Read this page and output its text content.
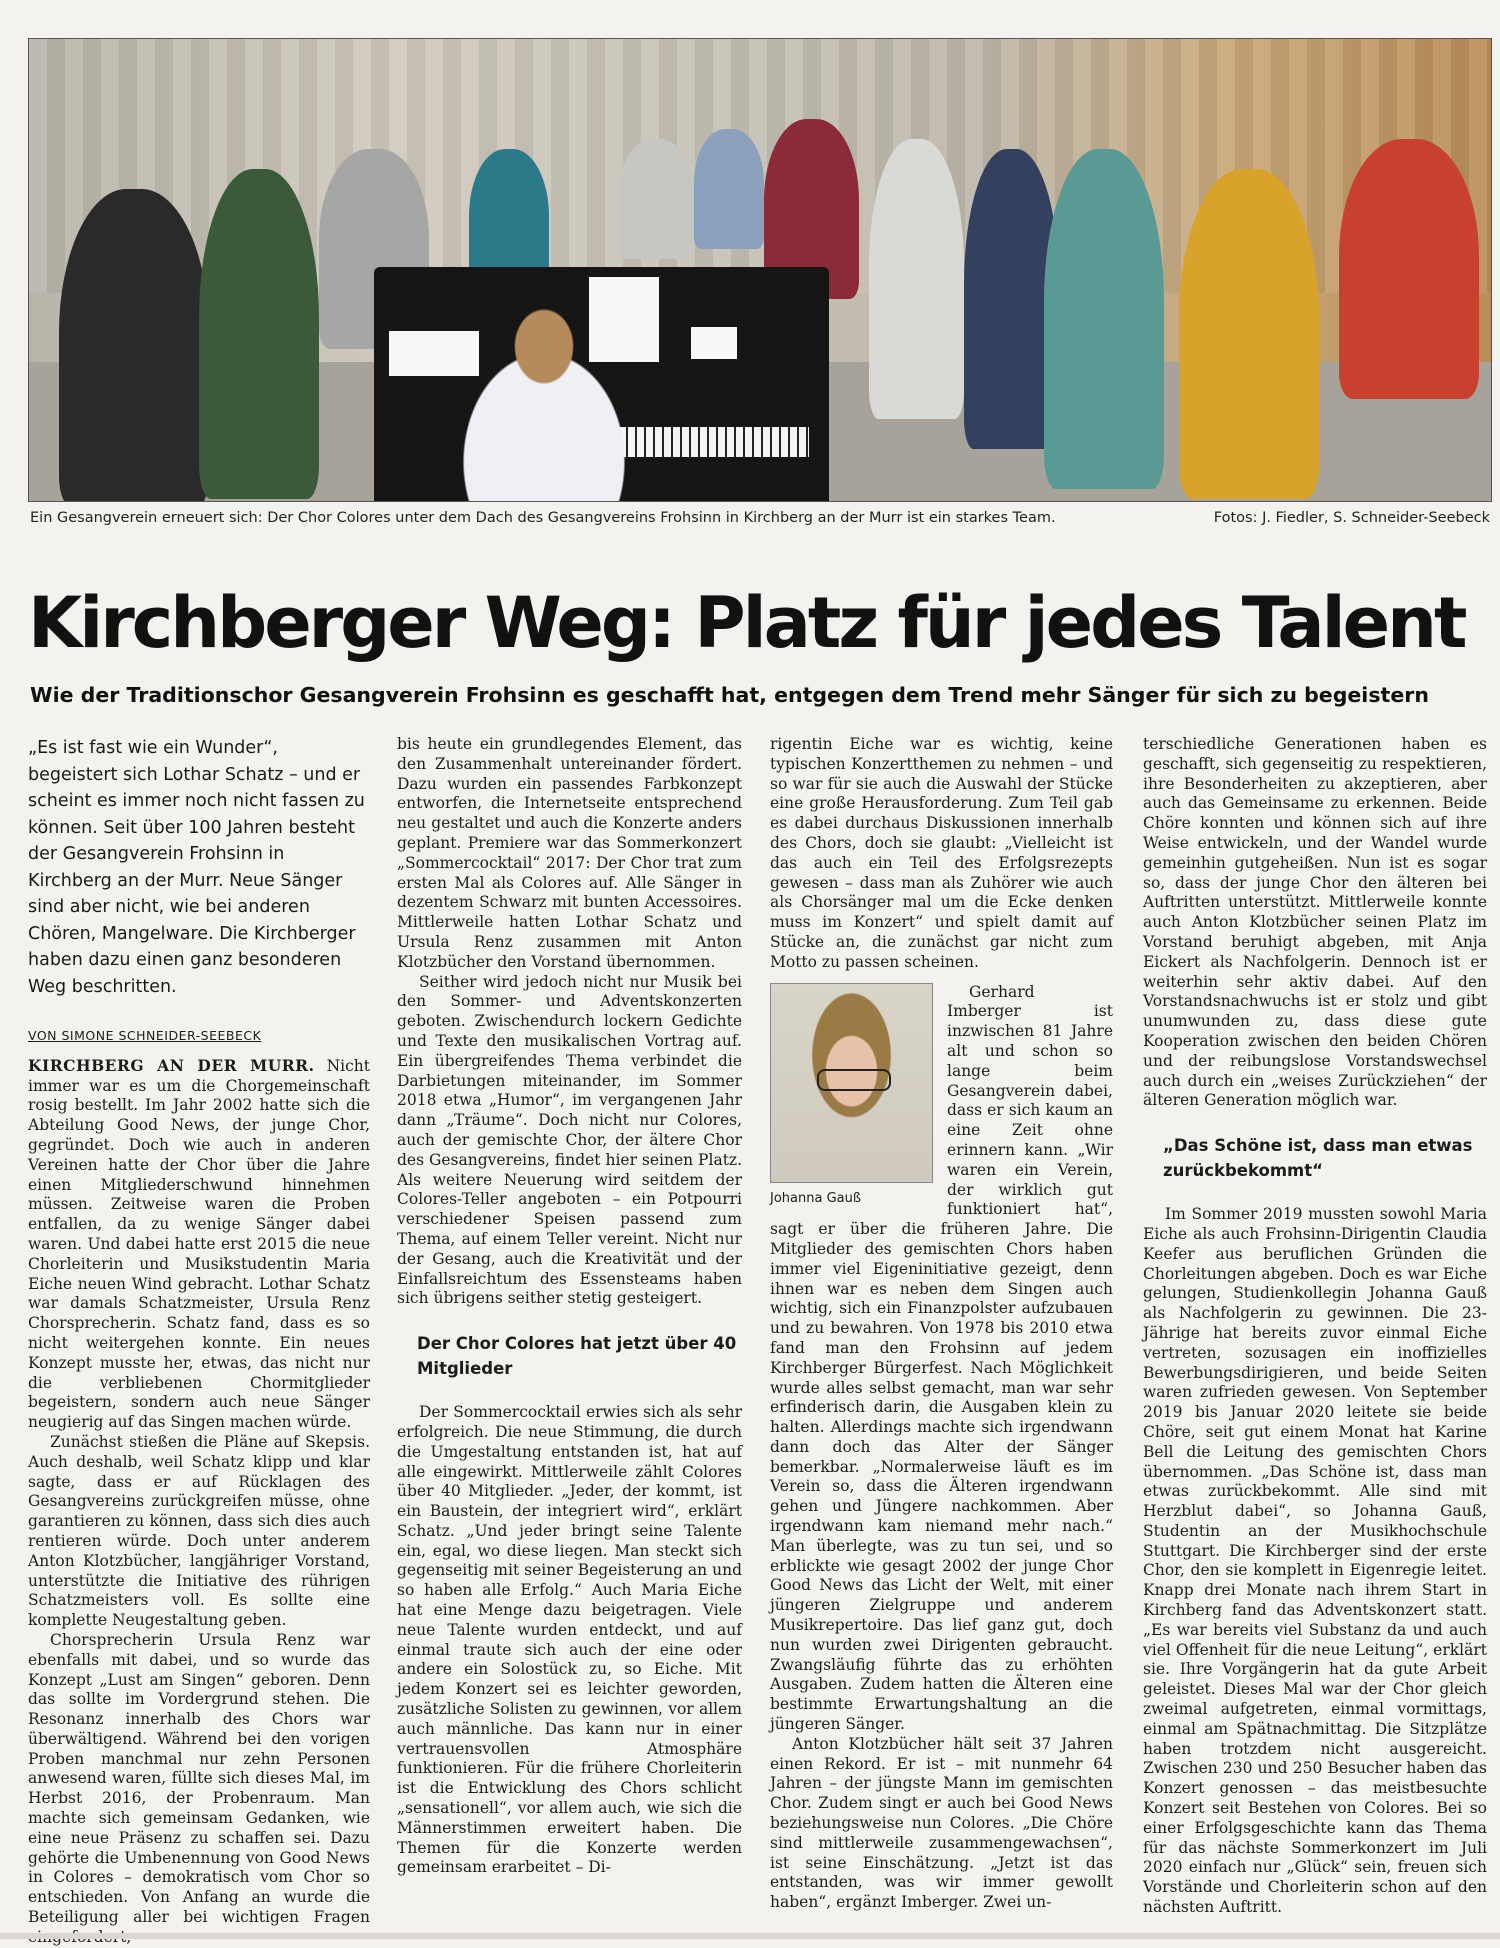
Ein Gesangverein erneuert sich: Der Chor Colores unter dem Dach des Gesangvereins Frohsinn in Kirchberg an der Murr ist ein starkes Team.	Fotos: J. Fiedler, S. Schneider-Seebeck
Kirchberger Weg: Platz für jedes Talent
Wie der Traditionschor Gesangverein Frohsinn es geschafft hat, entgegen dem Trend mehr Sänger für sich zu begeistern

„Es ist fast wie ein Wunder“, begeistert sich Lothar Schatz – und er scheint es immer noch nicht fassen zu können. Seit über 100 Jahren besteht der Gesangverein Frohsinn in Kirchberg an der Murr. Neue Sänger sind aber nicht, wie bei anderen Chören, Mangelware. Die Kirchberger haben dazu einen ganz besonderen Weg beschritten.

VON SIMONE SCHNEIDER-SEEBECK

KIRCHBERG AN DER MURR. Nicht immer war es um die Chorgemeinschaft rosig bestellt. Im Jahr 2002 hatte sich die Abteilung Good News, der junge Chor, gegründet. Doch wie auch in anderen Vereinen hatte der Chor über die Jahre einen Mitgliederschwund hinnehmen müssen. Zeitweise waren die Proben entfallen, da zu wenige Sänger dabei waren. Und dabei hatte erst 2015 die neue Chorleiterin und Musikstudentin Maria Eiche neuen Wind gebracht. Lothar Schatz war damals Schatzmeister, Ursula Renz Chorsprecherin. Schatz fand, dass es so nicht weitergehen konnte. Ein neues Konzept musste her, etwas, das nicht nur die verbliebenen Chormitglieder begeistern, sondern auch neue Sänger neugierig auf das Singen machen würde.

Zunächst stießen die Pläne auf Skepsis. Auch deshalb, weil Schatz klipp und klar sagte, dass er auf Rücklagen des Gesangvereins zurückgreifen müsse, ohne garantieren zu können, dass sich dies auch rentieren würde. Doch unter anderem Anton Klotzbücher, langjähriger Vorstand, unterstützte die Initiative des rührigen Schatzmeisters voll. Es sollte eine komplette Neugestaltung geben.

Chorsprecherin Ursula Renz war ebenfalls mit dabei, und so wurde das Konzept „Lust am Singen“ geboren. Denn das sollte im Vordergrund stehen. Die Resonanz innerhalb des Chors war überwältigend. Während bei den vorigen Proben manchmal nur zehn Personen anwesend waren, füllte sich dieses Mal, im Herbst 2016, der Probenraum. Man machte sich gemeinsam Gedanken, wie eine neue Präsenz zu schaffen sei. Dazu gehörte die Umbenennung von Good News in Colores – demokratisch vom Chor so entschieden. Von Anfang an wurde die Beteiligung aller bei wichtigen Fragen

bis heute ein grundlegendes Element, das den Zusammenhalt untereinander fördert. Dazu wurden ein passendes Farbkonzept entworfen, die Internetseite entsprechend neu gestaltet und auch die Konzerte anders geplant. Premiere war das Sommerkonzert „Sommercocktail“ 2017: Der Chor trat zum ersten Mal als Colores auf. Alle Sänger in dezentem Schwarz mit bunten Accessoires. Mittlerweile hatten Lothar Schatz und Ursula Renz zusammen mit Anton Klotzbücher den Vorstand übernommen.

Seither wird jedoch nicht nur Musik bei den Sommer- und Adventskonzerten geboten. Zwischendurch lockern Gedichte und Texte den musikalischen Vortrag auf. Ein übergreifendes Thema verbindet die Darbietungen miteinander, im Sommer 2018 etwa „Humor“, im vergangenen Jahr dann „Träume“. Doch nicht nur Colores, auch der gemischte Chor, der ältere Chor des Gesangvereins, findet hier seinen Platz. Als weitere Neuerung wird seitdem der Colores-Teller angeboten – ein Potpourri verschiedener Speisen passend zum Thema, auf einem Teller vereint. Nicht nur der Gesang, auch die Kreativität und der Einfallsreichtum des Essensteams haben sich übrigens seither stetig gesteigert.

Der Chor Colores hat jetzt über 40 Mitglieder

Der Sommercocktail erwies sich als sehr erfolgreich. Die neue Stimmung, die durch die Umgestaltung entstanden ist, hat auf alle eingewirkt. Mittlerweile zählt Colores über 40 Mitglieder. „Jeder, der kommt, ist ein Baustein, der integriert wird“, erklärt Schatz. „Und jeder bringt seine Talente ein, egal, wo diese liegen. Man steckt sich gegenseitig mit seiner Begeisterung an und so haben alle Erfolg.“ Auch Maria Eiche hat eine Menge dazu beigetragen. Viele neue Talente wurden entdeckt, und auf einmal traute sich auch der eine oder andere ein Solostück zu, so Eiche. Mit jedem Konzert sei es leichter geworden, zusätzliche Solisten zu gewinnen, vor allem auch männliche. Das kann nur in einer vertrauensvollen Atmosphäre funktionieren. Für die frühere Chorleiterin ist die Entwicklung des Chors schlicht „sensationell“, vor allem auch, wie sich die Männerstimmen erweitert haben. Die Themen für die Konzerte werden gemeinsam erarbeitet – Di-

rigentin Eiche war es wichtig, keine typischen Konzertthemen zu nehmen – und so war für sie auch die Auswahl der Stücke eine große Herausforderung. Zum Teil gab es dabei durchaus Diskussionen innerhalb des Chors, doch sie glaubt: „Vielleicht ist das auch ein Teil des Erfolgsrezepts gewesen – dass man als Zuhörer wie auch als Chorsänger mal um die Ecke denken muss im Konzert“ und spielt damit auf Stücke an, die zunächst gar nicht zum Motto zu passen scheinen.

Johanna Gauß

Gerhard Imberger ist inzwischen 81 Jahre alt und schon so lange beim Gesangverein dabei, dass er sich kaum an eine Zeit ohne erinnern kann. „Wir waren ein Verein, der wirklich gut funktioniert hat“, sagt er über die früheren Jahre. Die Mitglieder des gemischten Chors haben immer viel Eigeninitiative gezeigt, denn ihnen war es neben dem Singen auch wichtig, sich ein Finanzpolster aufzubauen und zu bewahren. Von 1978 bis 2010 etwa fand man den Frohsinn auf jedem Kirchberger Bürgerfest. Nach Möglichkeit wurde alles selbst gemacht, man war sehr erfinderisch darin, die Ausgaben klein zu halten. Allerdings machte sich irgendwann dann doch das Alter der Sänger bemerkbar. „Normalerweise läuft es im Verein so, dass die Älteren irgendwann gehen und Jüngere nachkommen. Aber irgendwann kam niemand mehr nach.“ Man überlegte, was zu tun sei, und so erblickte wie gesagt 2002 der junge Chor Good News das Licht der Welt, mit einer jüngeren Zielgruppe und anderem Musikrepertoire. Das lief ganz gut, doch nun wurden zwei Dirigenten gebraucht. Zwangsläufig führte das zu erhöhten Ausgaben. Zudem hatten die Älteren eine bestimmte Erwartungshaltung an die jüngeren Sänger.

Anton Klotzbücher hält seit 37 Jahren einen Rekord. Er ist – mit nunmehr 64 Jahren – der jüngste Mann im gemischten Chor. Zudem singt er auch bei Good News beziehungsweise nun Colores. „Die Chöre sind mittlerweile zusammengewachsen“, ist seine Einschätzung. „Jetzt ist das entstanden, was wir immer gewollt haben“, ergänzt Imberger. Zwei un-

terschiedliche Generationen haben es geschafft, sich gegenseitig zu respektieren, ihre Besonderheiten zu akzeptieren, aber auch das Gemeinsame zu erkennen. Beide Chöre konnten und können sich auf ihre Weise entwickeln, und der Wandel wurde gemeinhin gutgeheißen. Nun ist es sogar so, dass der junge Chor den älteren bei Auftritten unterstützt. Mittlerweile konnte auch Anton Klotzbücher seinen Platz im Vorstand beruhigt abgeben, mit Anja Eickert als Nachfolgerin. Dennoch ist er weiterhin sehr aktiv dabei. Auf den Vorstandsnachwuchs ist er stolz und gibt unumwunden zu, dass diese gute Kooperation zwischen den beiden Chören und der reibungslose Vorstandswechsel auch durch ein „weises Zurückziehen“ der älteren Generation möglich war.

„Das Schöne ist, dass man etwas zurückbekommt“

Im Sommer 2019 mussten sowohl Maria Eiche als auch Frohsinn-Dirigentin Claudia Keefer aus beruflichen Gründen die Chorleitungen abgeben. Doch es war Eiche gelungen, Studienkollegin Johanna Gauß als Nachfolgerin zu gewinnen. Die 23-Jährige hat bereits zuvor einmal Eiche vertreten, sozusagen ein inoffizielles Bewerbungsdirigieren, und beide Seiten waren zufrieden gewesen. Von September 2019 bis Januar 2020 leitete sie beide Chöre, seit gut einem Monat hat Karine Bell die Leitung des gemischten Chors übernommen. „Das Schöne ist, dass man etwas zurückbekommt. Alle sind mit Herzblut dabei“, so Johanna Gauß, Studentin an der Musikhochschule Stuttgart. Die Kirchberger sind der erste Chor, den sie komplett in Eigenregie leitet. Knapp drei Monate nach ihrem Start in Kirchberg fand das Adventskonzert statt. „Es war bereits viel Substanz da und auch viel Offenheit für die neue Leitung“, erklärt sie. Ihre Vorgängerin hat da gute Arbeit geleistet. Dieses Mal war der Chor gleich zweimal aufgetreten, einmal vormittags, einmal am Spätnachmittag. Die Sitzplätze haben trotzdem nicht ausgereicht. Zwischen 230 und 250 Besucher haben das Konzert genossen – das meistbesuchte Konzert seit Bestehen von Colores. Bei so einer Erfolgsgeschichte kann das Thema für das nächste Sommerkonzert im Juli 2020 einfach nur „Glück“ sein, freuen sich Vorstände und Chorleiterin schon auf den nächsten Auftritt.
